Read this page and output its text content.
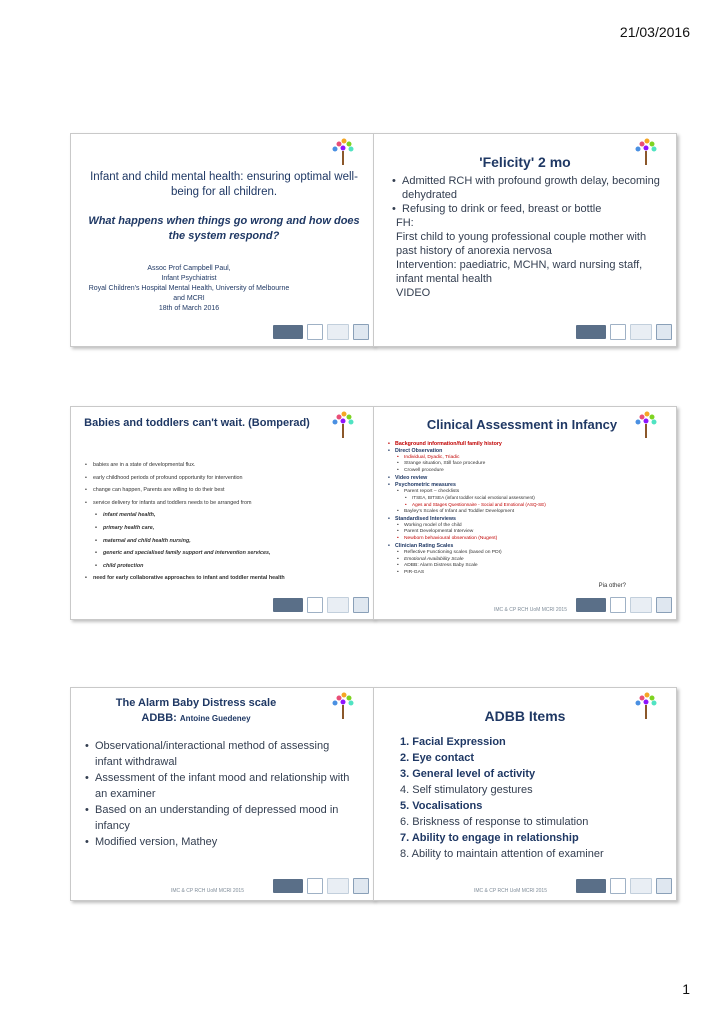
21/03/2016
Infant and child mental health: ensuring optimal well-being for all children.
What happens when things go wrong and how does the system respond?
Assoc Prof Campbell Paul,
Infant Psychiatrist
Royal Children's Hospital Mental Health, University of Melbourne and MCRI
18th of March 2016
'Felicity' 2 mo
• Admitted RCH with profound growth delay, becoming dehydrated
• Refusing to drink or feed, breast or bottle
FH:
First child to young professional couple mother with past history of anorexia nervosa
Intervention: paediatric, MCHN, ward nursing staff, infant mental health
VIDEO
Babies and toddlers can't wait. (Bomperad)
• babies are in a state of developmental flux.
• early childhood periods of profound opportunity for intervention
• change can happen, Parents are willing to do their best
• service delivery for infants and toddlers needs to be arranged from
• infant mental health,
• primary health care,
• maternal and child health nursing,
• generic and specialised family support and intervention services,
• child protection
• need for early collaborative approaches to infant and toddler mental health
Clinical Assessment in Infancy
• Background information/full family history
• Direct Observation
• Individual, Dyadic, Triadic
• Strange situation, Still face procedure
• Crowell procedure
• Video review
• Psychometric measures
• Parent report – checklists
• ITSEA, BITSEA (infant toddler social emotional assessment)
• Ages and Stages Questionnaire - Social and Emotional (ASQ-SE)
• Bayley's Scales of Infant and Toddler Development
• Standardised Interviews
• Working model of the child
• Parent Developmental Interview
• Newborn behavioural observation (Nugent)
• Clinician Rating Scales
• Reflective Functioning scales (based on PDI)
• Emotional Availability Scale
• ADBB: Alarm Distress Baby Scale
• PIR-GAS
Pia other?
IMC & CP RCH UoM MCRI 2015
The Alarm Baby Distress scale
ADBB: Antoine Guedeney
• Observational/interactional method of assessing infant withdrawal
• Assessment of the infant mood and relationship with an examiner
• Based on an understanding of depressed mood in infancy
• Modified version, Mathey
IMC & CP RCH UoM MCRI 2015
ADBB Items
1. Facial Expression
2. Eye contact
3. General level of activity
4. Self stimulatory gestures
5. Vocalisations
6. Briskness of response to stimulation
7. Ability to engage in relationship
8. Ability to maintain attention of examiner
IMC & CP RCH UoM MCRI 2015
1
